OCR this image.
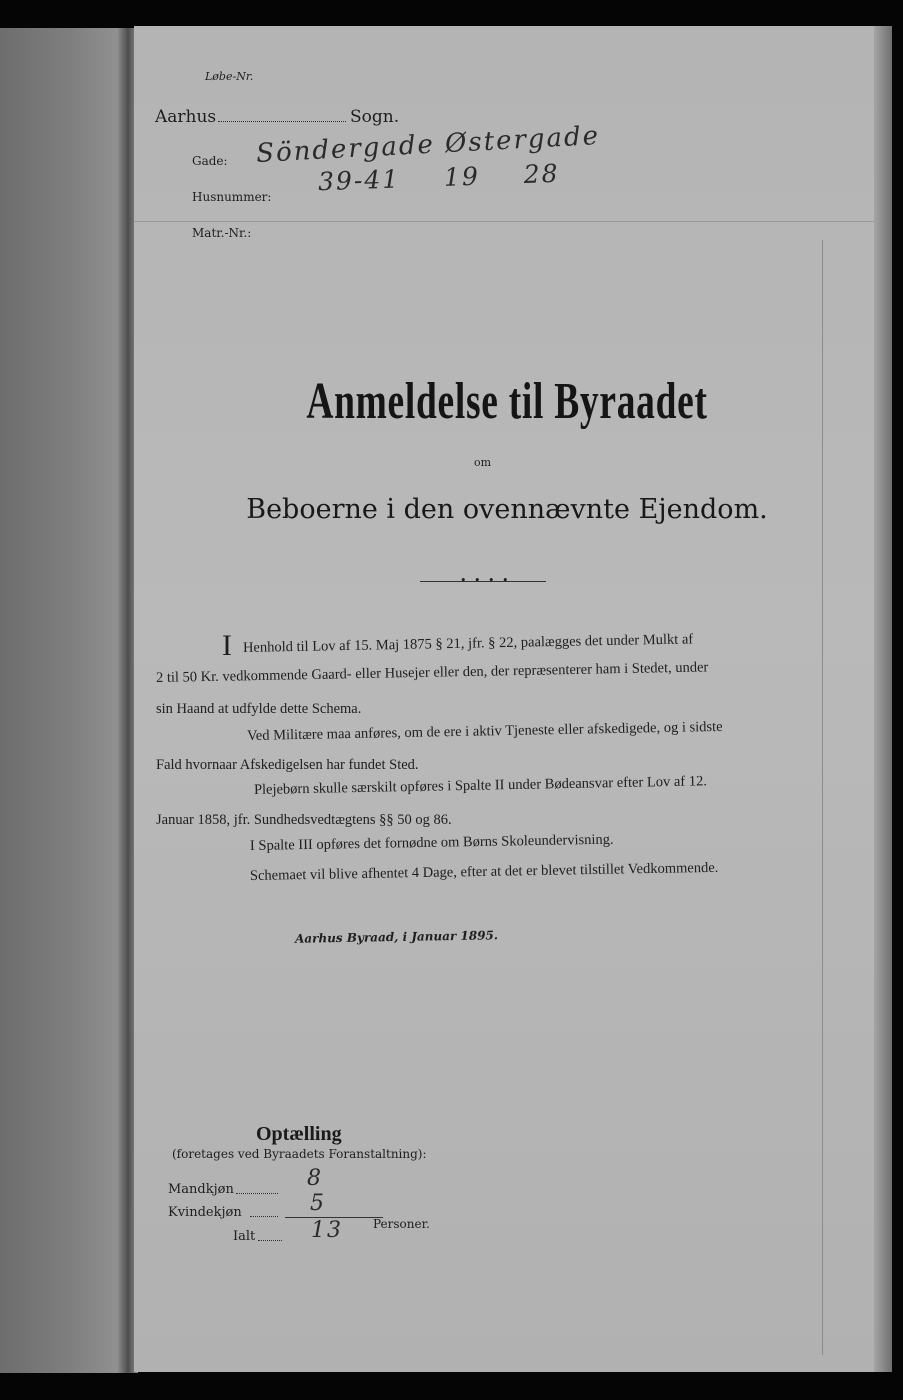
Løbe-Nr.
Aarhus	Sogn.
Gade: Söndergade Østergade
Husnummer:
39-41 19 28
Matr.-Nr.:
Anmeldelse til Byraadet
om
Beboerne i den ovennævnte Ejendom.
• • • •
I Henhold til Lov af 15. Maj 1875 § 21, jfr. § 22, paalægges det under Mulkt af
2 til 50 Kr. vedkommende Gaard- eller Husejer eller den, der repræsenterer ham i Stedet, under
sin Haand at udfylde dette Schema.
Ved Militære maa anføres, om de ere i aktiv Tjeneste eller afskedigede, og i sidste
Fald hvornaar Afskedigelsen har fundet Sted.
Plejebørn skulle særskilt opføres i Spalte II under Bødeansvar efter Lov af 12.
Januar 1858, jfr. Sundhedsvedtægtens §§ 50 og 86.
I Spalte III opføres det fornødne om Børns Skoleundervisning.
Schemaet vil blive afhentet 4 Dage, efter at det er blevet tilstillet Vedkommende.
Aarhus Byraad, i Januar 1895.
Optælling
(foretages ved Byraadets Foranstaltning):
Mandkjøn	8
Kvindekjøn	5
Ialt	13	Personer.
